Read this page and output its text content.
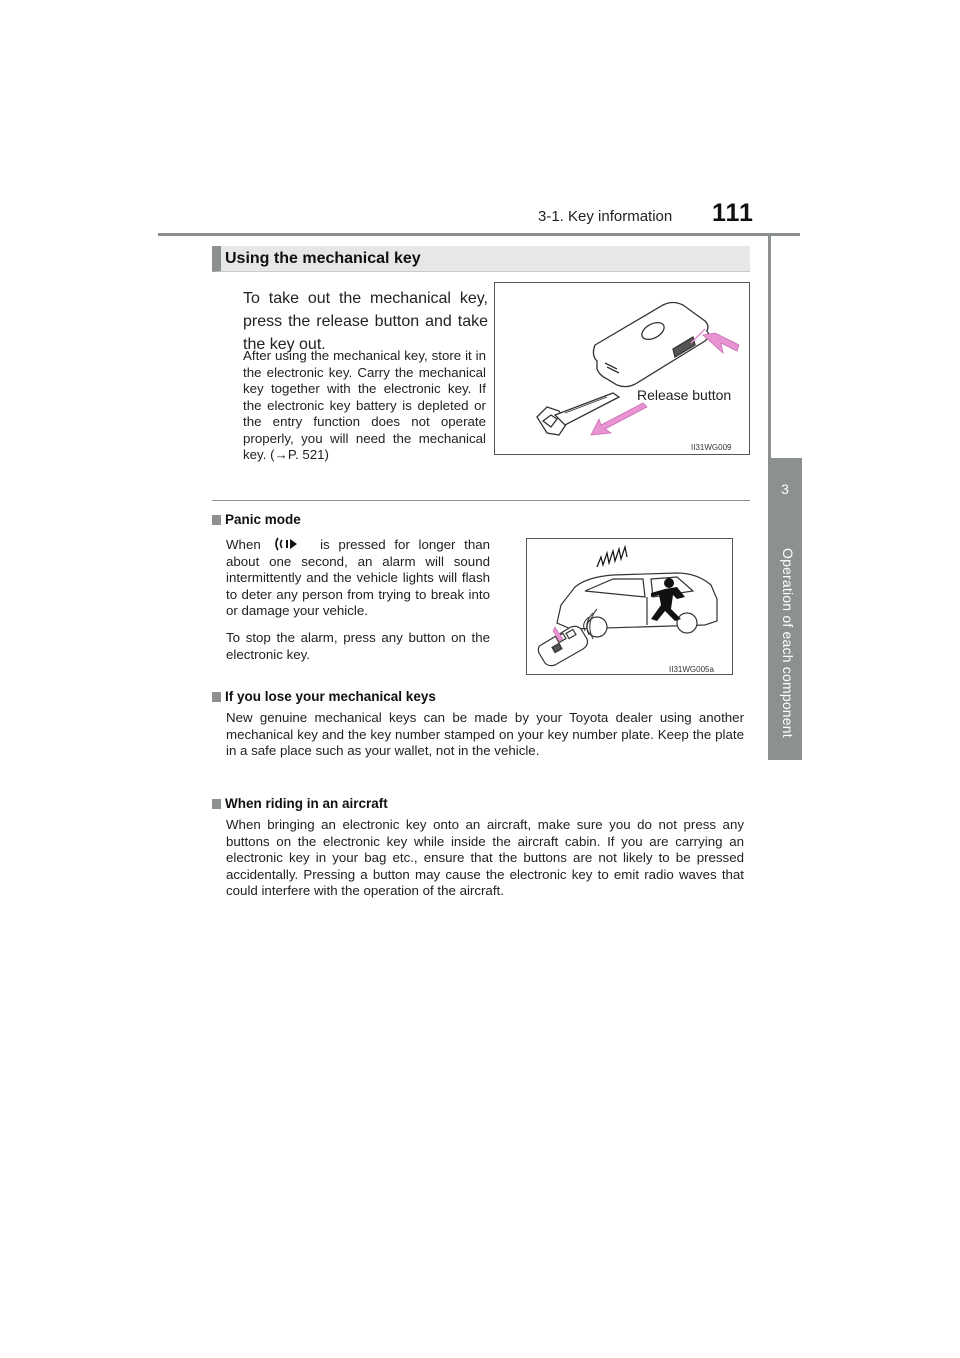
3-1. Key information 111
3
Operation of each component
Using the mechanical key
To take out the mechanical key, press the release button and take the key out.
After using the mechanical key, store it in the electronic key. Carry the mechanical key together with the electronic key. If the electronic key battery is depleted or the entry function does not operate properly, you will need the mechanical key. (→P. 521)
Release button
II31WG009
Panic mode
When	is pressed for longer than about one second, an alarm will sound intermittently and the vehicle lights will flash to deter any person from trying to break into or damage your vehicle.
To stop the alarm, press any button on the electronic key.
II31WG005a
If you lose your mechanical keys
New genuine mechanical keys can be made by your Toyota dealer using another mechanical key and the key number stamped on your key number plate. Keep the plate in a safe place such as your wallet, not in the vehicle.
When riding in an aircraft
When bringing an electronic key onto an aircraft, make sure you do not press any buttons on the electronic key while inside the aircraft cabin. If you are carrying an electronic key in your bag etc., ensure that the buttons are not likely to be pressed accidentally. Pressing a button may cause the electronic key to emit radio waves that could interfere with the operation of the aircraft.
